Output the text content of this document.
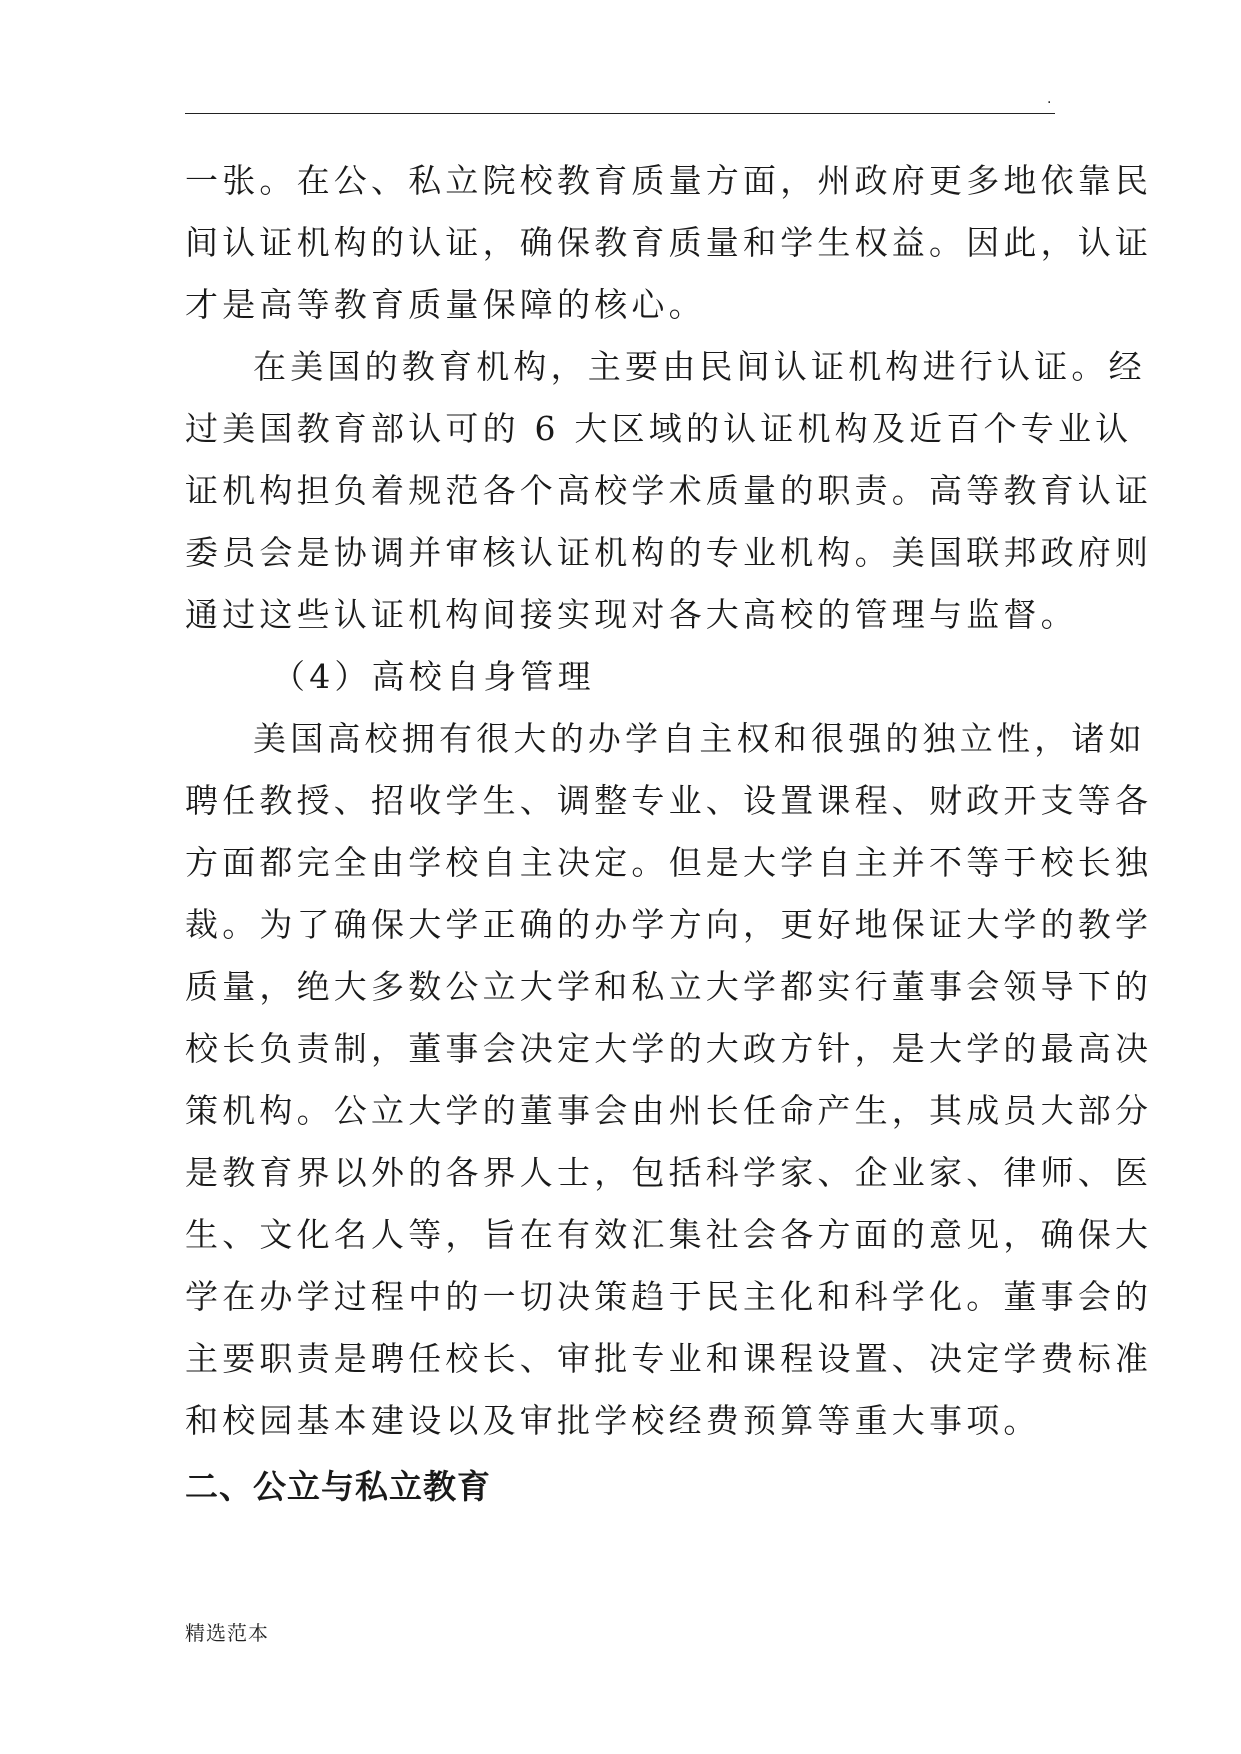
.
一张。在公、私立院校教育质量方面，州政府更多地依靠民
间认证机构的认证，确保教育质量和学生权益。因此，认证
才是高等教育质量保障的核心。
在美国的教育机构，主要由民间认证机构进行认证。经
过美国教育部认可的 6 大区域的认证机构及近百个专业认
证机构担负着规范各个高校学术质量的职责。高等教育认证
委员会是协调并审核认证机构的专业机构。美国联邦政府则
通过这些认证机构间接实现对各大高校的管理与监督。
（4）高校自身管理
美国高校拥有很大的办学自主权和很强的独立性，诸如
聘任教授、招收学生、调整专业、设置课程、财政开支等各
方面都完全由学校自主决定。但是大学自主并不等于校长独
裁。为了确保大学正确的办学方向，更好地保证大学的教学
质量，绝大多数公立大学和私立大学都实行董事会领导下的
校长负责制，董事会决定大学的大政方针，是大学的最高决
策机构。公立大学的董事会由州长任命产生，其成员大部分
是教育界以外的各界人士，包括科学家、企业家、律师、医
生、文化名人等，旨在有效汇集社会各方面的意见，确保大
学在办学过程中的一切决策趋于民主化和科学化。董事会的
主要职责是聘任校长、审批专业和课程设置、决定学费标准
和校园基本建设以及审批学校经费预算等重大事项。
二、公立与私立教育
精选范本
